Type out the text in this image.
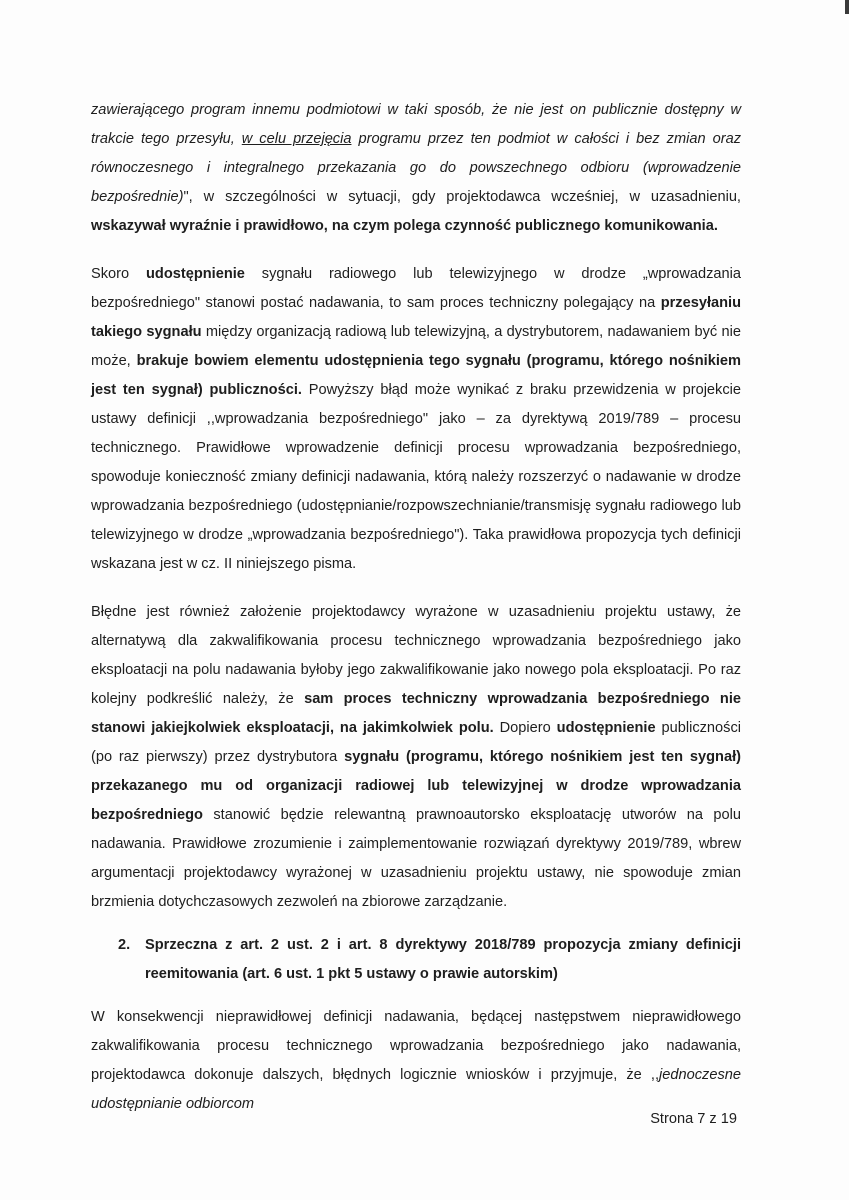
zawierającego program innemu podmiotowi w taki sposób, że nie jest on publicznie dostępny w trakcie tego przesyłu, w celu przejęcia programu przez ten podmiot w całości i bez zmian oraz równoczesnego i integralnego przekazania go do powszechnego odbioru (wprowadzenie bezpośrednie)", w szczególności w sytuacji, gdy projektodawca wcześniej, w uzasadnieniu, wskazywał wyraźnie i prawidłowo, na czym polega czynność publicznego komunikowania.

Skoro udostępnienie sygnału radiowego lub telewizyjnego w drodze „wprowadzania bezpośredniego" stanowi postać nadawania, to sam proces techniczny polegający na przesyłaniu takiego sygnału między organizacją radiową lub telewizyjną, a dystrybutorem, nadawaniem być nie może, brakuje bowiem elementu udostępnienia tego sygnału (programu, którego nośnikiem jest ten sygnał) publiczności. Powyższy błąd może wynikać z braku przewidzenia w projekcie ustawy definicji ,,wprowadzania bezpośredniego" jako – za dyrektywą 2019/789 – procesu technicznego. Prawidłowe wprowadzenie definicji procesu wprowadzania bezpośredniego, spowoduje konieczność zmiany definicji nadawania, którą należy rozszerzyć o nadawanie w drodze wprowadzania bezpośredniego (udostępnianie/rozpowszechnianie/transmisję sygnału radiowego lub telewizyjnego w drodze „wprowadzania bezpośredniego"). Taka prawidłowa propozycja tych definicji wskazana jest w cz. II niniejszego pisma.

Błędne jest również założenie projektodawcy wyrażone w uzasadnieniu projektu ustawy, że alternatywą dla zakwalifikowania procesu technicznego wprowadzania bezpośredniego jako eksploatacji na polu nadawania byłoby jego zakwalifikowanie jako nowego pola eksploatacji. Po raz kolejny podkreślić należy, że sam proces techniczny wprowadzania bezpośredniego nie stanowi jakiejkolwiek eksploatacji, na jakimkolwiek polu. Dopiero udostępnienie publiczności (po raz pierwszy) przez dystrybutora sygnału (programu, którego nośnikiem jest ten sygnał) przekazanego mu od organizacji radiowej lub telewizyjnej w drodze wprowadzania bezpośredniego stanowić będzie relewantną prawnoautorsko eksploatację utworów na polu nadawania. Prawidłowe zrozumienie i zaimplementowanie rozwiązań dyrektywy 2019/789, wbrew argumentacji projektodawcy wyrażonej w uzasadnieniu projektu ustawy, nie spowoduje zmian brzmienia dotychczasowych zezwoleń na zbiorowe zarządzanie.

2.	Sprzeczna z art. 2 ust. 2 i art. 8 dyrektywy 2018/789 propozycja zmiany definicji reemitowania (art. 6 ust. 1 pkt 5 ustawy o prawie autorskim)

W konsekwencji nieprawidłowej definicji nadawania, będącej następstwem nieprawidłowego zakwalifikowania procesu technicznego wprowadzania bezpośredniego jako nadawania, projektodawca dokonuje dalszych, błędnych logicznie wniosków i przyjmuje, że ,,jednoczesne udostępnianie odbiorcom

Strona 7 z 19
